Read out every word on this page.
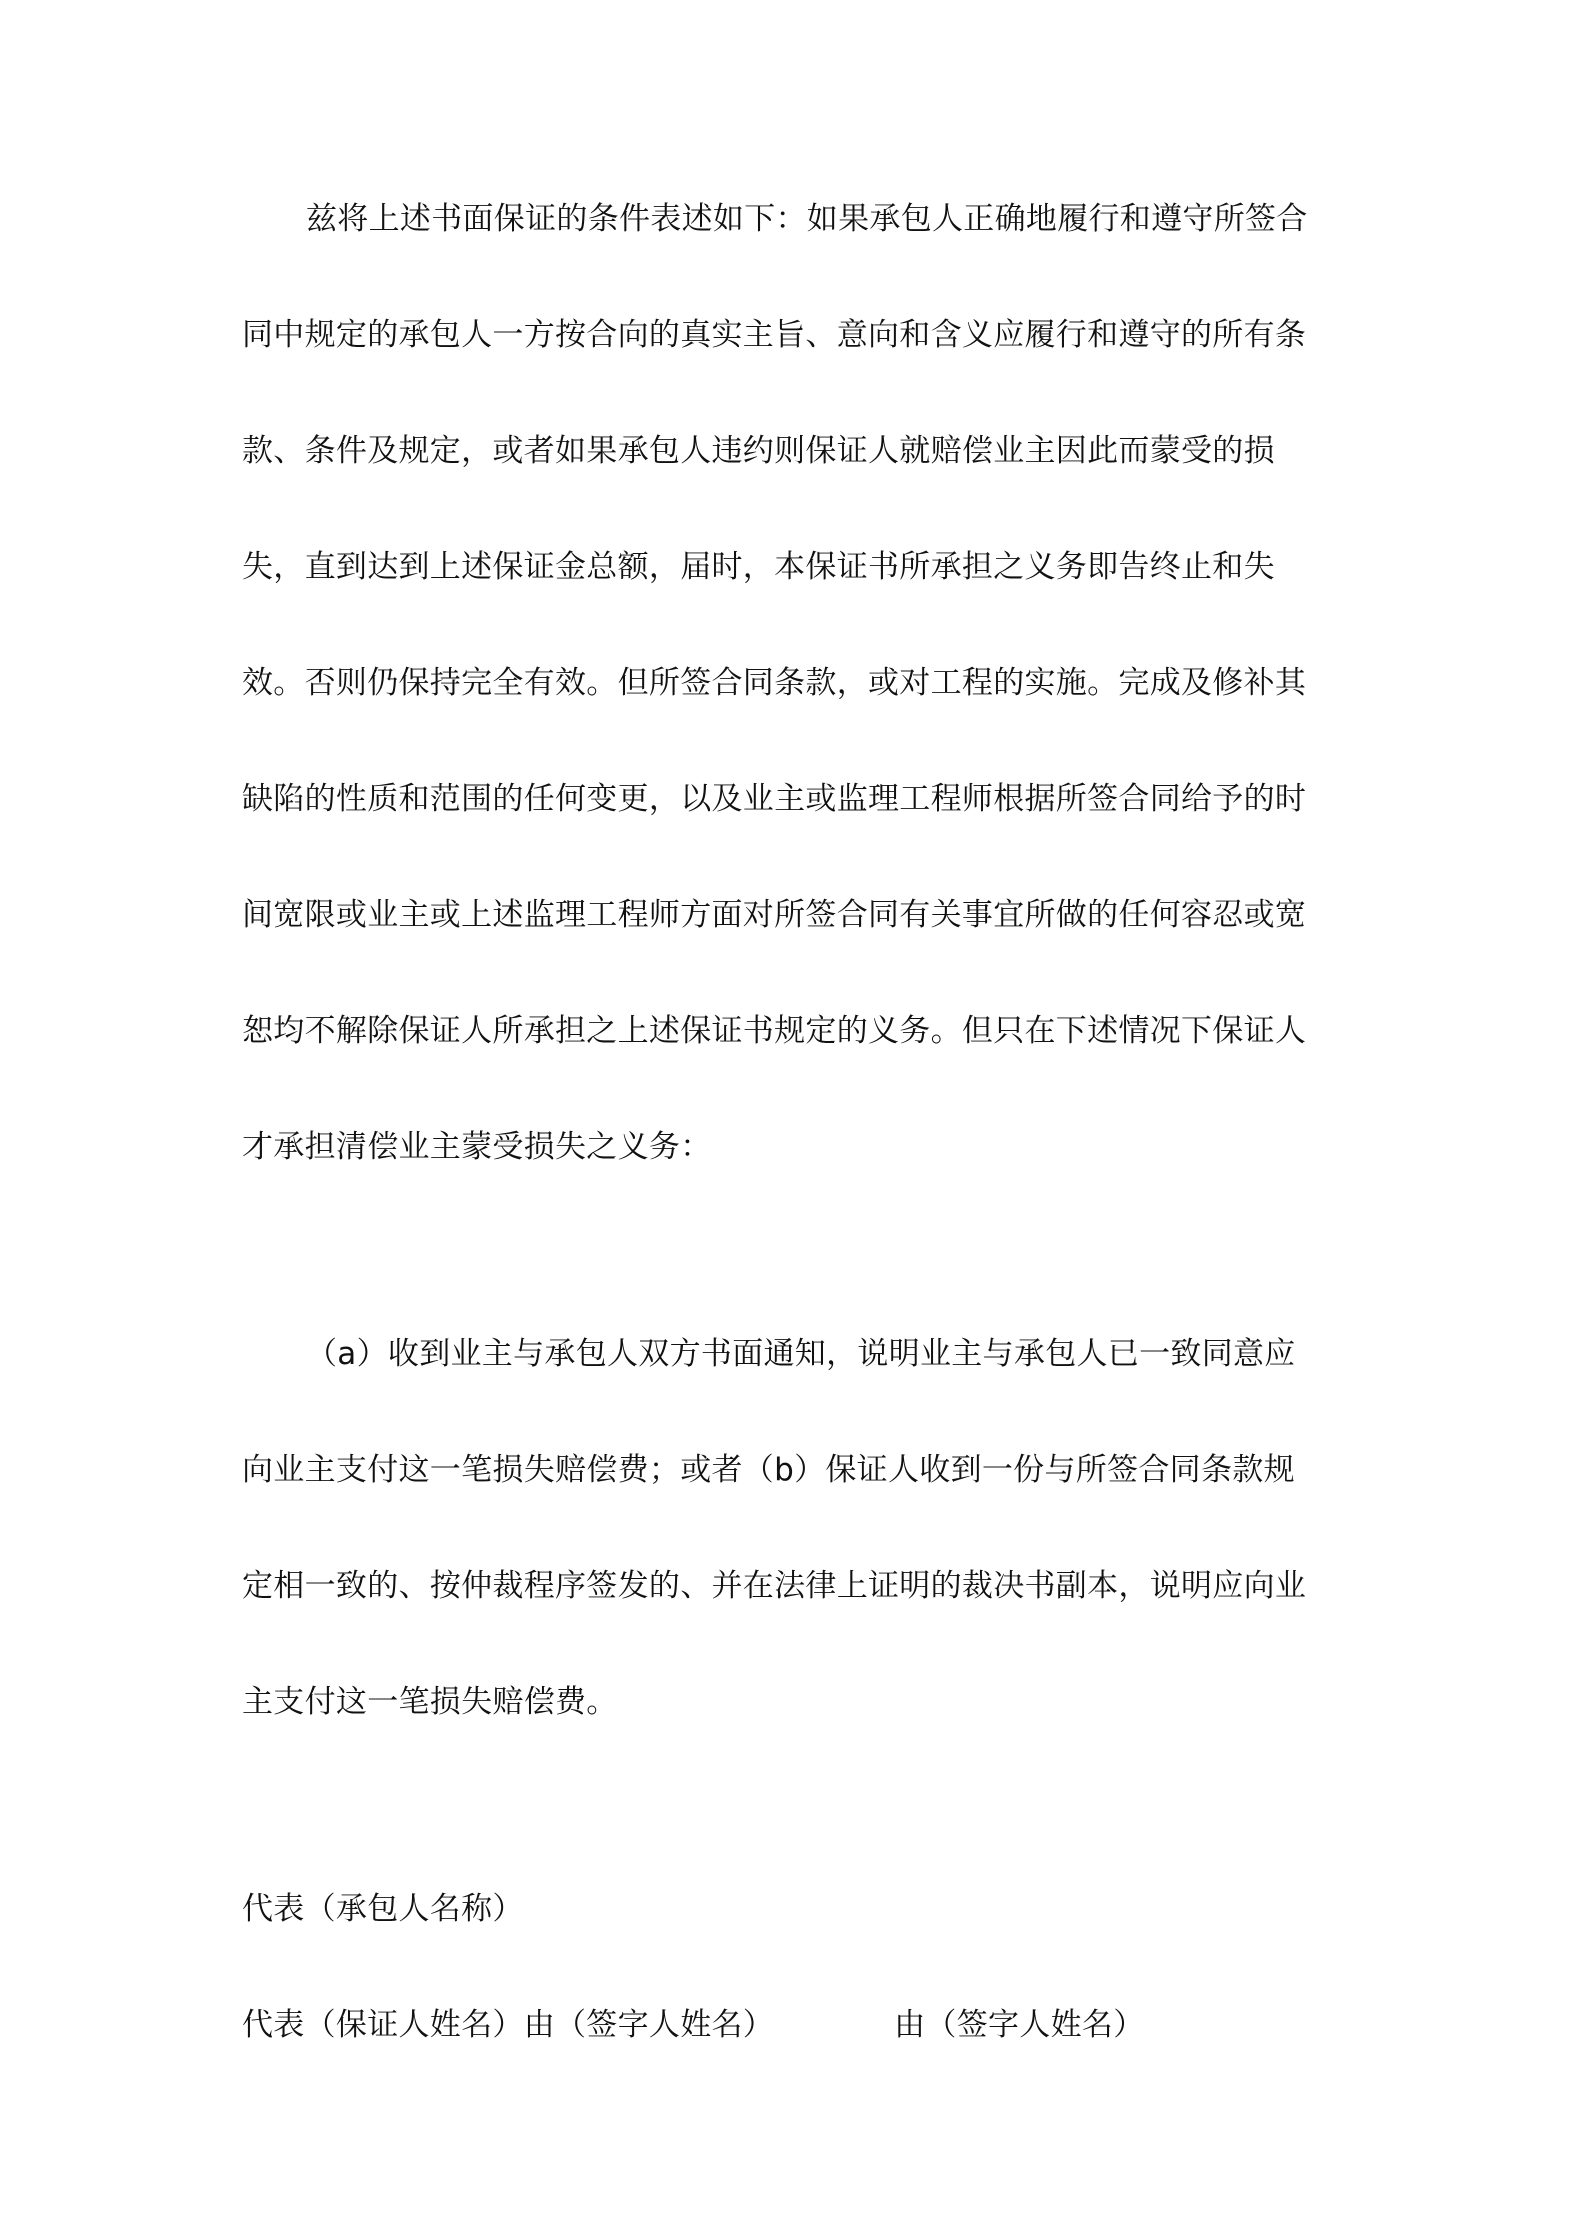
兹将上述书面保证的条件表述如下：如果承包人正确地履行和遵守所签合
同中规定的承包人一方按合向的真实主旨、意向和含义应履行和遵守的所有条
款、条件及规定，或者如果承包人违约则保证人就赔偿业主因此而蒙受的损
失，直到达到上述保证金总额，届时，本保证书所承担之义务即告终止和失
效。否则仍保持完全有效。但所签合同条款，或对工程的实施。完成及修补其
缺陷的性质和范围的任何变更，以及业主或监理工程师根据所签合同给予的时
间宽限或业主或上述监理工程师方面对所签合同有关事宜所做的任何容忍或宽
恕均不解除保证人所承担之上述保证书规定的义务。但只在下述情况下保证人
才承担清偿业主蒙受损失之义务：
（a）收到业主与承包人双方书面通知，说明业主与承包人已一致同意应
向业主支付这一笔损失赔偿费；或者（b）保证人收到一份与所签合同条款规
定相一致的、按仲裁程序签发的、并在法律上证明的裁决书副本，说明应向业
主支付这一笔损失赔偿费。
代表（承包人名称）
代表（保证人姓名）由（签字人姓名）	由（签字人姓名）
